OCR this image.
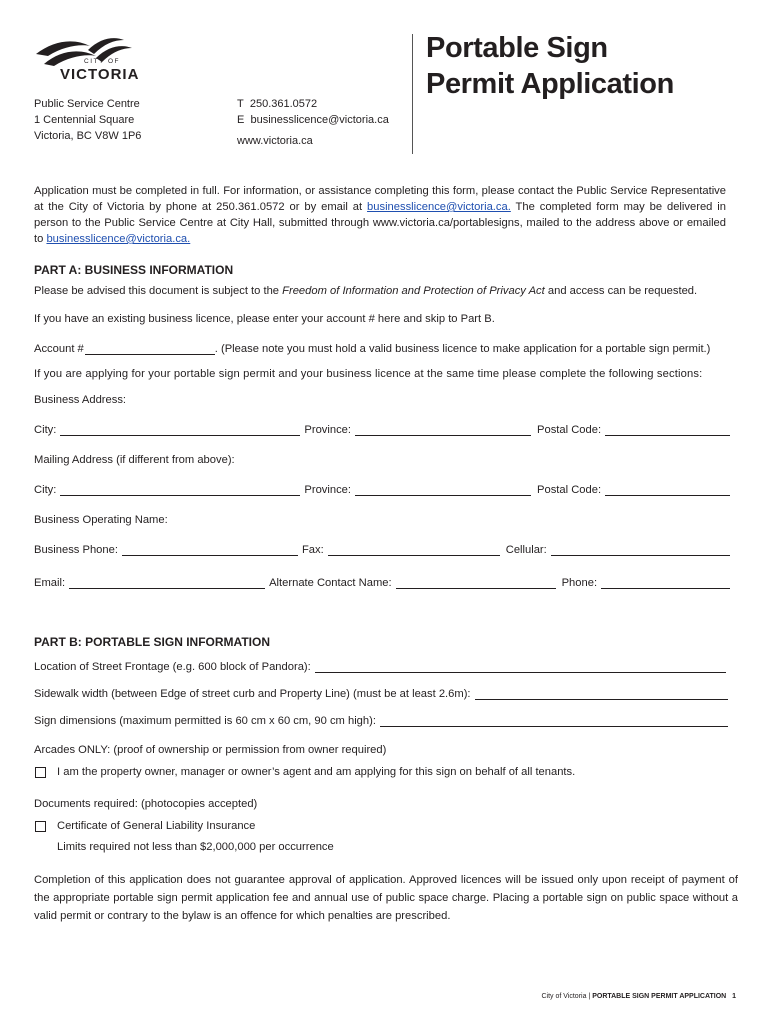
CITY OF
VICTORIA
Public Service Centre
1 Centennial Square
Victoria, BC V8W 1P6
T 250.361.0572
E businesslicence@victoria.ca
www.victoria.ca
Portable Sign
Permit Application
Application must be completed in full. For information, or assistance completing this form, please contact the Public Service Representative at the City of Victoria by phone at 250.361.0572 or by email at businesslicence@victoria.ca. The completed form may be delivered in person to the Public Service Centre at City Hall, submitted through www.victoria.ca/portablesigns, mailed to the address above or emailed to businesslicence@victoria.ca.
PART A: BUSINESS INFORMATION
Please be advised this document is subject to the Freedom of Information and Protection of Privacy Act and access can be requested.
If you have an existing business licence, please enter your account # here and skip to Part B.
Account #	. (Please note you must hold a valid business licence to make application for a portable sign permit.)
If you are applying for your portable sign permit and your business licence at the same time please complete the following sections:
Business Address:
City:	Province:	Postal Code:
Mailing Address (if different from above):
City:	Province:	Postal Code:
Business Operating Name:
Business Phone:	Fax:	Cellular:
Email:	Alternate Contact Name:	Phone:
PART B: PORTABLE SIGN INFORMATION
Location of Street Frontage (e.g. 600 block of Pandora):
Sidewalk width (between Edge of street curb and Property Line) (must be at least 2.6m):
Sign dimensions (maximum permitted is 60 cm x 60 cm, 90 cm high):
Arcades ONLY: (proof of ownership or permission from owner required)
I am the property owner, manager or owner’s agent and am applying for this sign on behalf of all tenants.
Documents required: (photocopies accepted)
Certificate of General Liability Insurance
Limits required not less than $2,000,000 per occurrence
Completion of this application does not guarantee approval of application. Approved licences will be issued only upon receipt of payment of the appropriate portable sign permit application fee and annual use of public space charge. Placing a portable sign on public space without a valid permit or contrary to the bylaw is an offence for which penalties are prescribed.
City of Victoria | PORTABLE SIGN PERMIT APPLICATION 1
